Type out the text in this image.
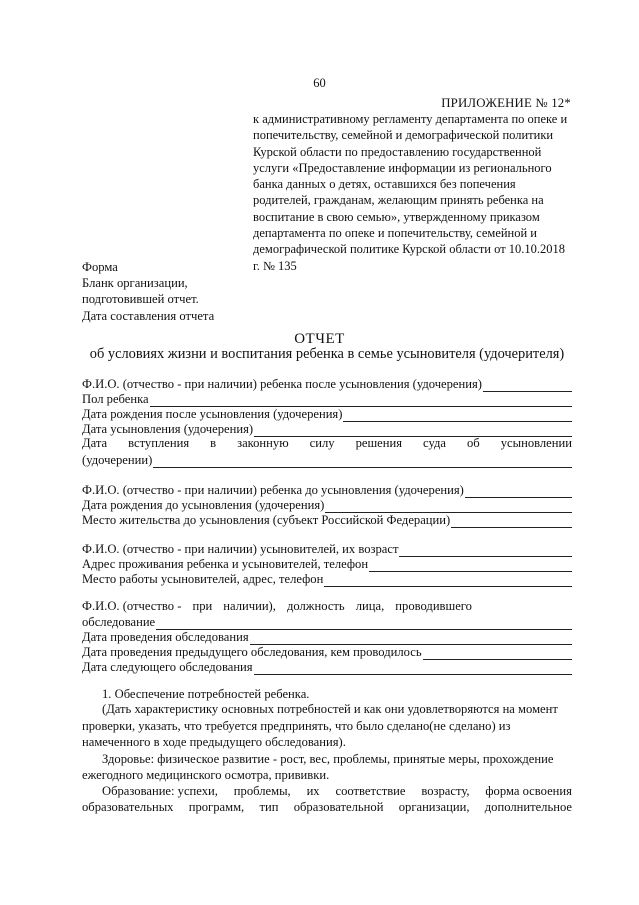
60
ПРИЛОЖЕНИЕ № 12*
к административному регламенту департамента по опеке и
попечительству, семейной и демографической политики
Курской области по предоставлению государственной
услуги «Предоставление информации из регионального
банка данных о детях, оставшихся без попечения
родителей, гражданам, желающим принять ребенка на
воспитание в свою семью», утвержденному приказом
департамента по опеке и попечительству, семейной и
демографической политике Курской области от 10.10.2018
г. № 135
Форма
Бланк организации,
подготовившей отчет.
Дата составления отчета
ОТЧЕТ
об условиях жизни и воспитания ребенка в семье усыновителя (удочерителя)
Ф.И.О. (отчество - при наличии) ребенка после усыновления (удочерения)
Пол ребенка
Дата рождения после усыновления (удочерения)
Дата усыновления (удочерения)
Дата вступления в законную силу решения суда об усыновлении
(удочерении)
Ф.И.О. (отчество - при наличии) ребенка до усыновления (удочерения)
Дата рождения до усыновления (удочерения)
Место жительства до усыновления (субъект Российской Федерации)
Ф.И.О. (отчество - при наличии) усыновителей, их возраст
Адрес проживания ребенка и усыновителей, телефон
Место работы усыновителей, адрес, телефон
Ф.И.О. (отчество - при наличии), должность лица, проводившего
обследование
Дата проведения обследования
Дата проведения предыдущего обследования, кем проводилось
Дата следующего обследования
1. Обеспечение потребностей ребенка.
(Дать характеристику основных потребностей и как они удовлетворяются на момент
проверки, указать, что требуется предпринять, что было сделано(не сделано) из
намеченного в ходе предыдущего обследования).
Здоровье: физическое развитие - рост, вес, проблемы, принятые меры, прохождение
ежегодного медицинского осмотра, прививки.
Образование: успехи, проблемы, их соответствие возрасту, форма освоения
образовательных программ, тип образовательной организации, дополнительное
